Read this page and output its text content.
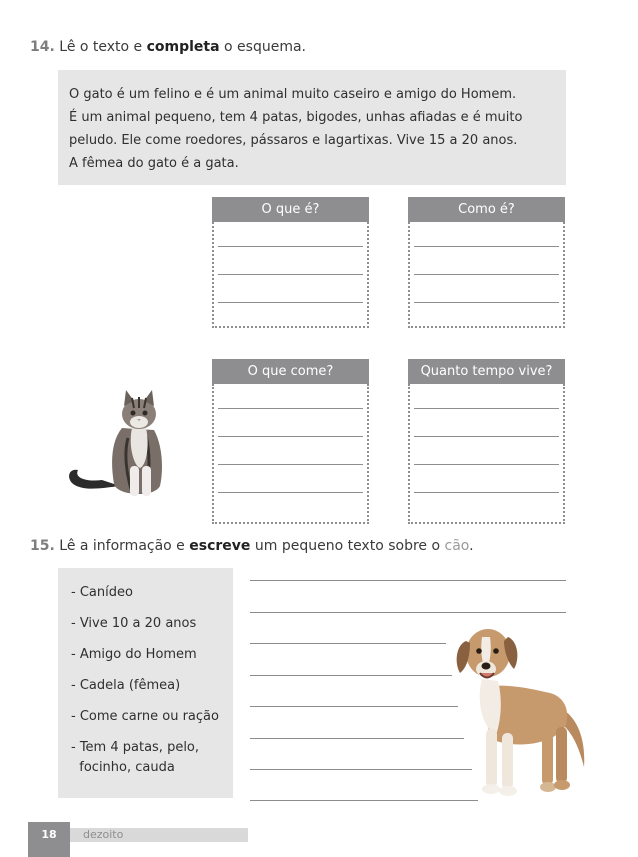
14. Lê o texto e completa o esquema.

O gato é um felino e é um animal muito caseiro e amigo do Homem.

É um animal pequeno, tem 4 patas, bigodes, unhas afiadas e é muito

peludo. Ele come roedores, pássaros e lagartixas. Vive 15 a 20 anos.

A fêmea do gato é a gata.

O que é?	Como é?
O que come?	Quanto tempo vive?
15. Lê a informação e escreve um pequeno texto sobre o cão.
- Canídeo
- Vive 10 a 20 anos
- Amigo do Homem
- Cadela (fêmea)
- Come carne ou ração
- Tem 4 patas, pelo,
focinho, cauda
18	dezoito
